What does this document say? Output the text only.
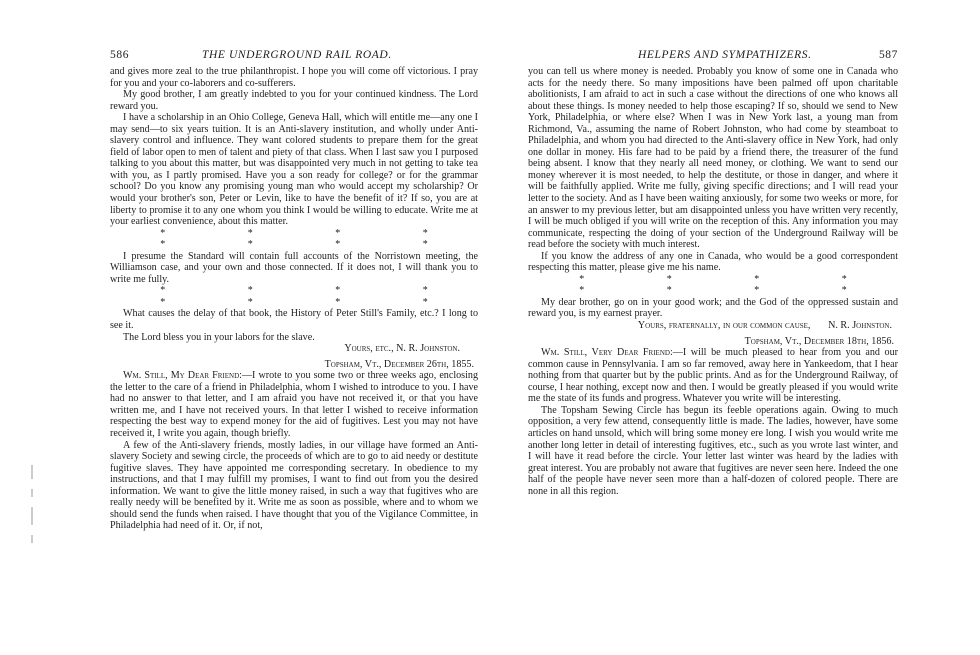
586	THE UNDERGROUND RAIL ROAD.

and gives more zeal to the true philanthropist. I hope you will come off victorious. I pray for you and your co-laborers and co-sufferers.

My good brother, I am greatly indebted to you for your continued kindness. The Lord reward you.

I have a scholarship in an Ohio College, Geneva Hall, which will entitle me—any one I may send—to six years tuition. It is an Anti-slavery institution, and wholly under Anti-slavery control and influence. They want colored students to prepare them for the great field of labor open to men of talent and piety of that class. When I last saw you I purposed talking to you about this matter, but was disappointed very much in not getting to take tea with you, as I partly promised. Have you a son ready for college? or for the grammar school? Do you know any promising young man who would accept my scholarship? Or would your brother's son, Peter or Levin, like to have the benefit of it? If so, you are at liberty to promise it to any one whom you think I would be willing to educate. Write me at your earliest convenience, about this matter.

* * * * * * * *

I presume the Standard will contain full accounts of the Norristown meeting, the Williamson case, and your own and those connected. If it does not, I will thank you to write me fully.

* * * * * * * *

What causes the delay of that book, the History of Peter Still's Family, etc.? I long to see it.

The Lord bless you in your labors for the slave.

Yours, etc., N. R. Johnston.

Topsham, Vt., December 26th, 1855.

Wm. Still, My Dear Friend:—I wrote to you some two or three weeks ago, enclosing the letter to the care of a friend in Philadelphia, whom I wished to introduce to you. I have had no answer to that letter, and I am afraid you have not received it, or that you have written me, and I have not received yours. In that letter I wished to receive information respecting the best way to expend money for the aid of fugitives. Lest you may not have received it, I write you again, though briefly.

A few of the Anti-slavery friends, mostly ladies, in our village have formed an Anti-slavery Society and sewing circle, the proceeds of which are to go to aid needy or destitute fugitive slaves. They have appointed me corresponding secretary. In obedience to my instructions, and that I may fulfill my promises, I want to find out from you the desired information. We want to give the little money raised, in such a way that fugitives who are really needy will be benefited by it. Write me as soon as possible, where and to whom we should send the funds when raised. I have thought that you of the Vigilance Committee, in Philadelphia had need of it. Or, if not,

HELPERS AND SYMPATHIZERS.	587

you can tell us where money is needed. Probably you know of some one in Canada who acts for the needy there. So many impositions have been palmed off upon charitable abolitionists, I am afraid to act in such a case without the directions of one who knows all about these things. Is money needed to help those escaping? If so, should we send to New York, Philadelphia, or where else? When I was in New York last, a young man from Richmond, Va., assuming the name of Robert Johnston, who had come by steamboat to Philadelphia, and whom you had directed to the Anti-slavery office in New York, had only one dollar in money. His fare had to be paid by a friend there, the treasurer of the fund being absent. I know that they nearly all need money, or clothing. We want to send our money wherever it is most needed, to help the destitute, or those in danger, and where it will be faithfully applied. Write me fully, giving specific directions; and I will read your letter to the society. And as I have been waiting anxiously, for some two weeks or more, for an answer to my previous letter, but am disappointed unless you have written very recently, I will be much obliged if you will write on the reception of this. Any information you may communicate, respecting the doing of your section of the Underground Railway will be read before the society with much interest.

If you know the address of any one in Canada, who would be a good correspondent respecting this matter, please give me his name.

* * * * * * * *

My dear brother, go on in your good work; and the God of the oppressed sustain and reward you, is my earnest prayer.

Yours, fraternally, in our common cause,       N. R. Johnston.

Topsham, Vt., December 18th, 1856.

Wm. Still, Very Dear Friend:—I will be much pleased to hear from you and our common cause in Pennsylvania. I am so far removed, away here in Yankeedom, that I hear nothing from that quarter but by the public prints. And as for the Underground Railway, of course, I hear nothing, except now and then. I would be greatly pleased if you would write me the state of its funds and progress. Whatever you write will be interesting.

The Topsham Sewing Circle has begun its feeble operations again. Owing to much opposition, a very few attend, consequently little is made. The ladies, however, have some articles on hand unsold, which will bring some money ere long. I wish you would write me another long letter in detail of interesting fugitives, etc., such as you wrote last winter, and I will have it read before the circle. Your letter last winter was heard by the ladies with great interest. You are probably not aware that fugitives are never seen here. Indeed the one half of the people have never seen more than a half-dozen of colored people. There are none in all this region.
